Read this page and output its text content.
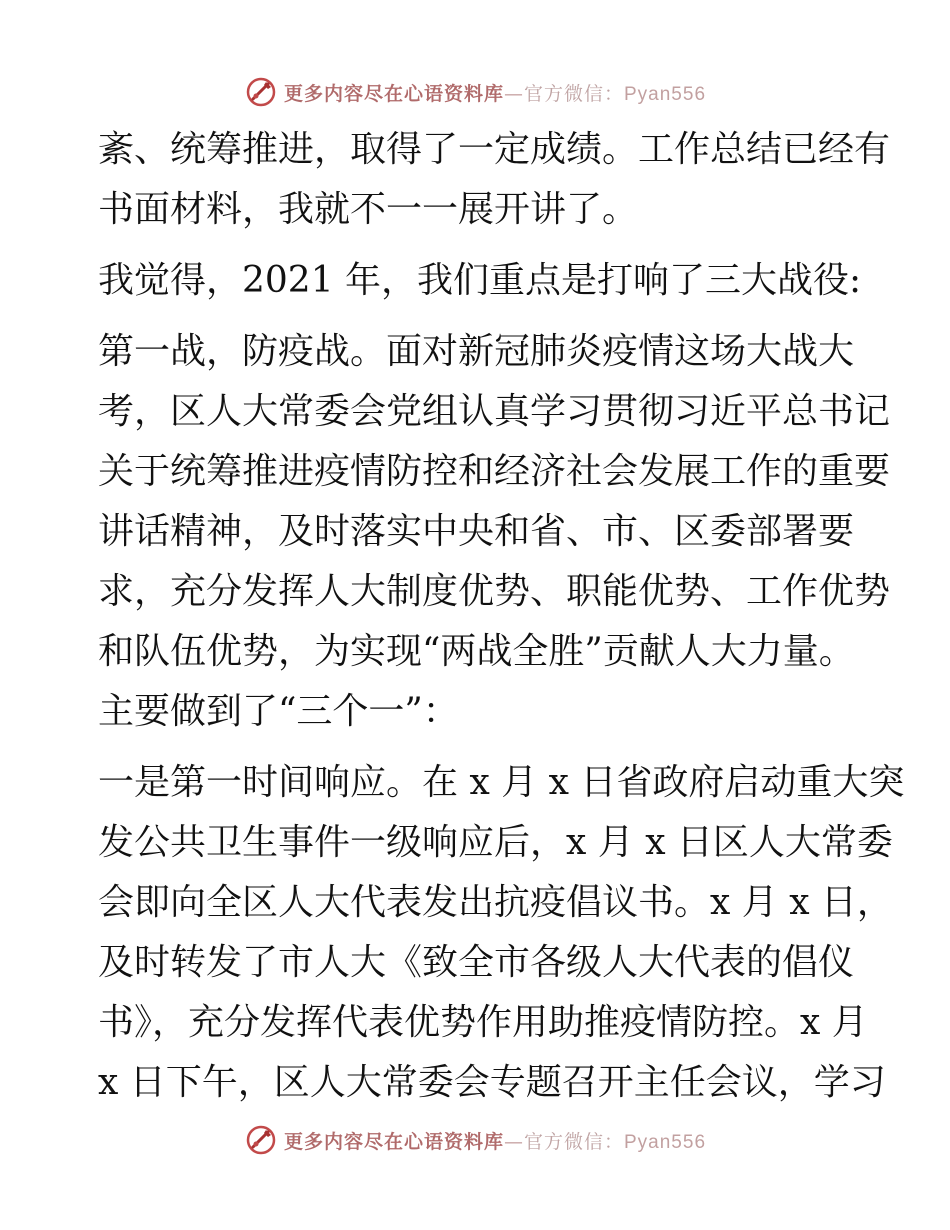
更多内容尽在心语资料库—官方微信：Pyan556
紊、统筹推进，取得了一定成绩。工作总结已经有
书面材料，我就不一一展开讲了。
我觉得，2021 年，我们重点是打响了三大战役:
第一战，防疫战。面对新冠肺炎疫情这场大战大
考，区人大常委会党组认真学习贯彻习近平总书记
关于统筹推进疫情防控和经济社会发展工作的重要
讲话精神，及时落实中央和省、市、区委部署要
求，充分发挥人大制度优势、职能优势、工作优势
和队伍优势，为实现“两战全胜”贡献人大力量。
主要做到了“三个一”：
一是第一时间响应。在 x 月 x 日省政府启动重大突
发公共卫生事件一级响应后，x 月 x 日区人大常委
会即向全区人大代表发出抗疫倡议书。x 月 x 日，
及时转发了市人大《致全市各级人大代表的倡仪
书》，充分发挥代表优势作用助推疫情防控。x 月
x 日下午，区人大常委会专题召开主任会议，学习
更多内容尽在心语资料库—官方微信：Pyan556
